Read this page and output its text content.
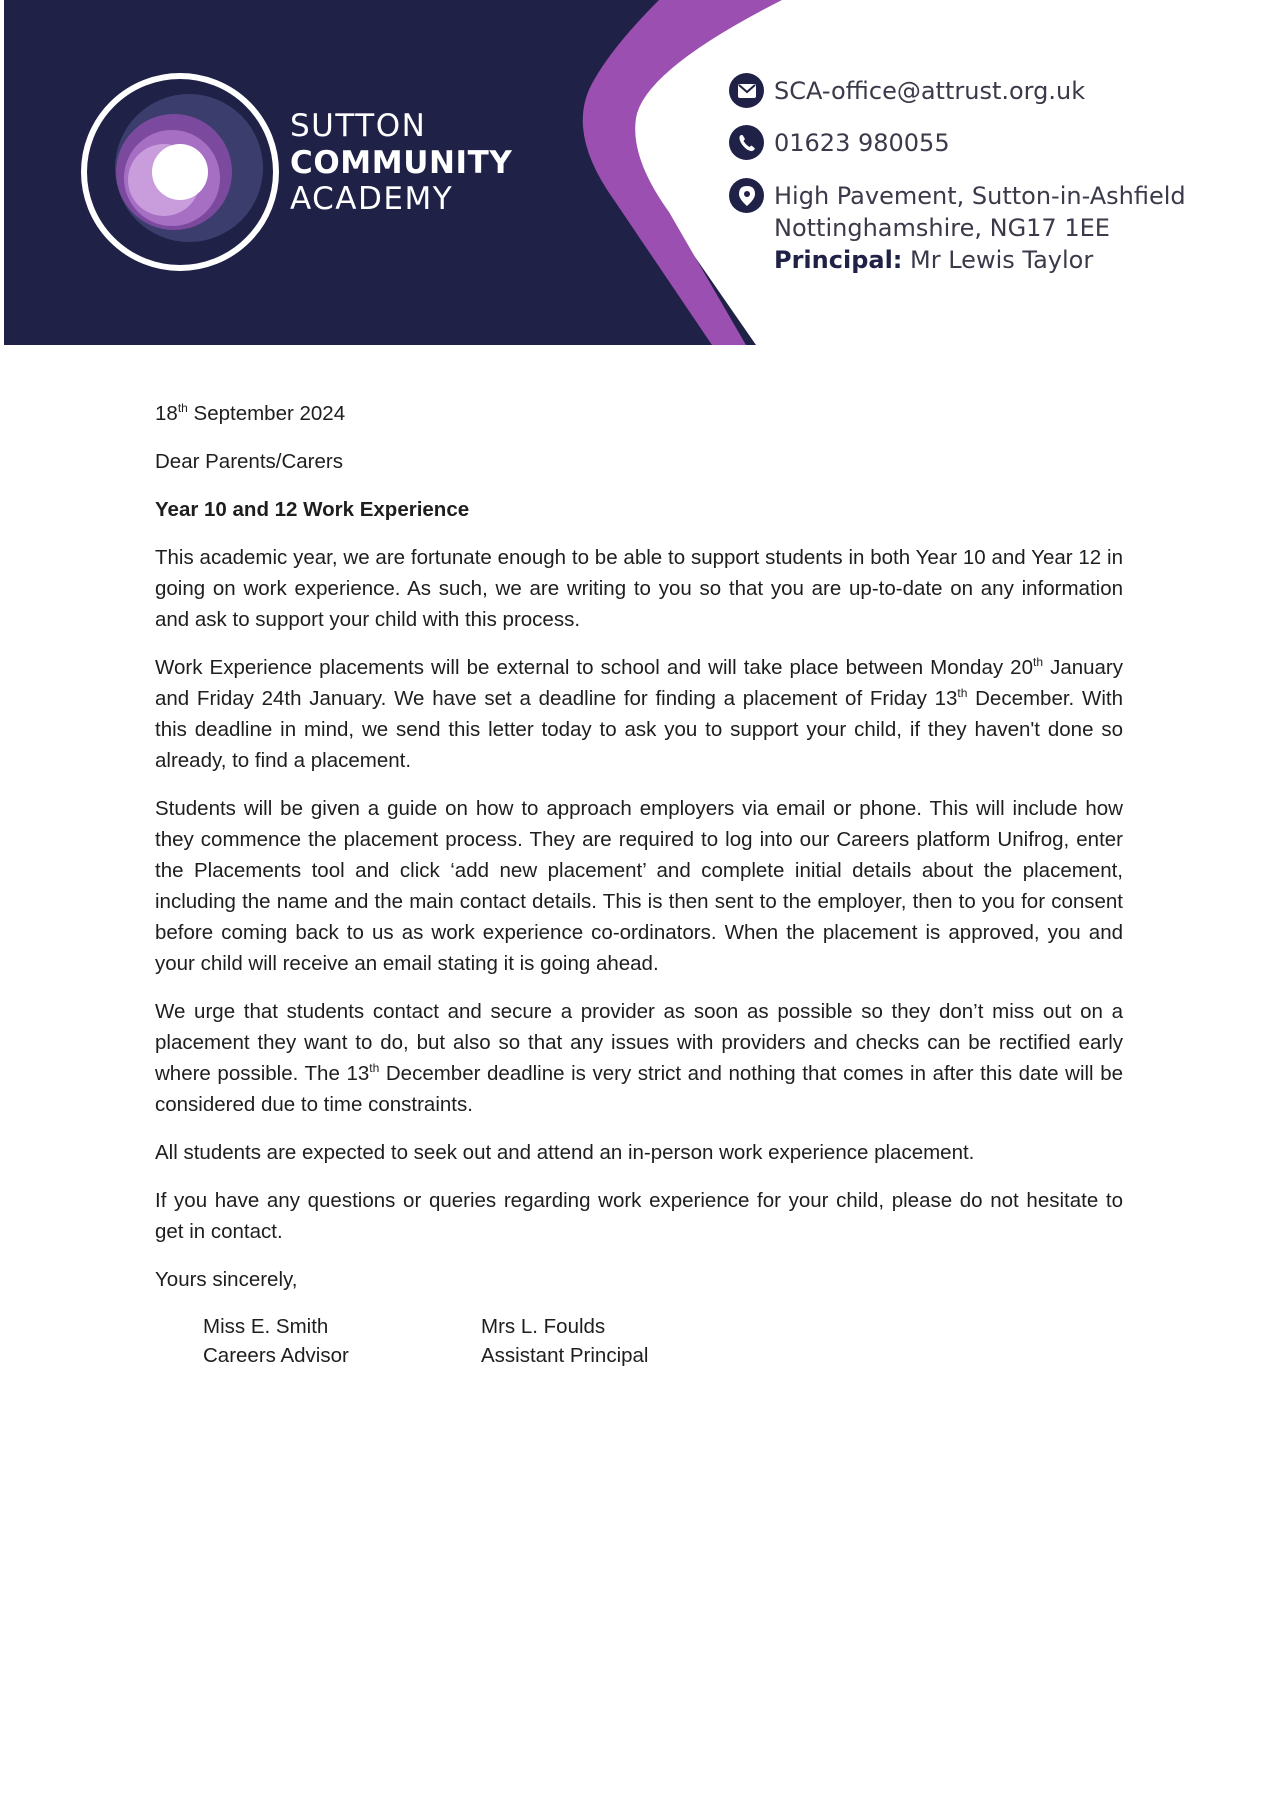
SUTTON
COMMUNITY
ACADEMY
SCA-office@attrust.org.uk
01623 980055
High Pavement, Sutton-in-Ashfield
Nottinghamshire, NG17 1EE
Principal: Mr Lewis Taylor

18th September 2024

Dear Parents/Carers

Year 10 and 12 Work Experience

This academic year, we are fortunate enough to be able to support students in both Year 10 and Year 12 in going on work experience. As such, we are writing to you so that you are up-to-date on any information and ask to support your child with this process.

Work Experience placements will be external to school and will take place between Monday 20th January and Friday 24th January. We have set a deadline for finding a placement of Friday 13th December. With this deadline in mind, we send this letter today to ask you to support your child, if they haven't done so already, to find a placement.

Students will be given a guide on how to approach employers via email or phone. This will include how they commence the placement process. They are required to log into our Careers platform Unifrog, enter the Placements tool and click ‘add new placement’ and complete initial details about the placement, including the name and the main contact details. This is then sent to the employer, then to you for consent before coming back to us as work experience co-ordinators. When the placement is approved, you and your child will receive an email stating it is going ahead.

We urge that students contact and secure a provider as soon as possible so they don’t miss out on a placement they want to do, but also so that any issues with providers and checks can be rectified early where possible. The 13th December deadline is very strict and nothing that comes in after this date will be considered due to time constraints.

All students are expected to seek out and attend an in-person work experience placement.

If you have any questions or queries regarding work experience for your child, please do not hesitate to get in contact.

Yours sincerely,

Miss E. Smith
Careers Advisor
Mrs L. Foulds
Assistant Principal
